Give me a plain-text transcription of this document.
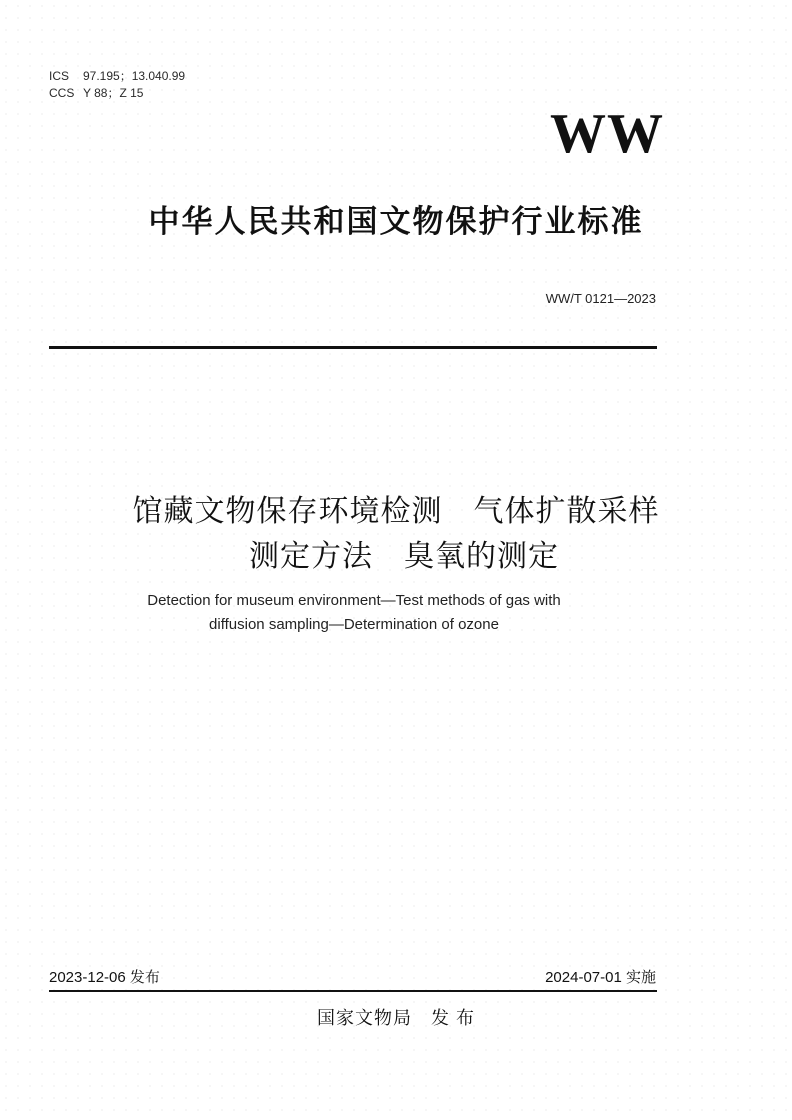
ICS 97.195；13.040.99
CCS Y 88；Z 15
WW
中华人民共和国文物保护行业标准
WW/T 0121—2023
馆藏文物保存环境检测　气体扩散采样
测定方法　臭氧的测定
Detection for museum environment—Test methods of gas with
diffusion sampling—Determination of ozone
2023-12-06 发布	2024-07-01 实施
国家文物局　发 布
